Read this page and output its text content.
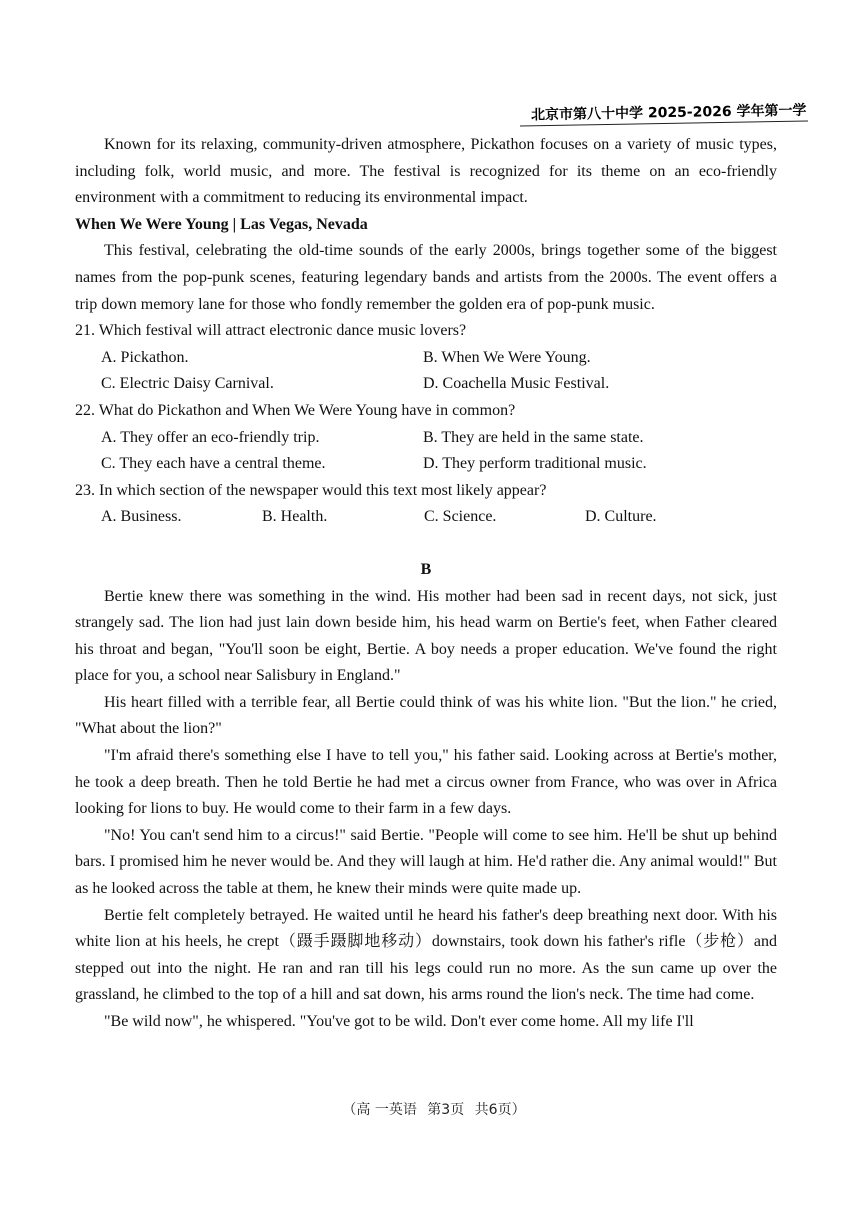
北京市第八十中学 2025-2026 学年第一学

Known for its relaxing, community-driven atmosphere, Pickathon focuses on a variety of music types, including folk, world music, and more. The festival is recognized for its theme on an eco-friendly environment with a commitment to reducing its environmental impact.

When We Were Young | Las Vegas, Nevada

This festival, celebrating the old-time sounds of the early 2000s, brings together some of the biggest names from the pop-punk scenes, featuring legendary bands and artists from the 2000s. The event offers a trip down memory lane for those who fondly remember the golden era of pop-punk music.

21. Which festival will attract electronic dance music lovers?

A. Pickathon.	B. When We Were Young.
C. Electric Daisy Carnival.	D. Coachella Music Festival.

22. What do Pickathon and When We Were Young have in common?

A. They offer an eco-friendly trip.	B. They are held in the same state.
C. They each have a central theme.	D. They perform traditional music.

23. In which section of the newspaper would this text most likely appear?

A. Business.	B. Health.	C. Science.	D. Culture.

B

Bertie knew there was something in the wind. His mother had been sad in recent days, not sick, just strangely sad. The lion had just lain down beside him, his head warm on Bertie's feet, when Father cleared his throat and began, "You'll soon be eight, Bertie. A boy needs a proper education. We've found the right place for you, a school near Salisbury in England."

His heart filled with a terrible fear, all Bertie could think of was his white lion. "But the lion." he cried, "What about the lion?"

"I'm afraid there's something else I have to tell you," his father said. Looking across at Bertie's mother, he took a deep breath. Then he told Bertie he had met a circus owner from France, who was over in Africa looking for lions to buy. He would come to their farm in a few days.

"No! You can't send him to a circus!" said Bertie. "People will come to see him. He'll be shut up behind bars. I promised him he never would be. And they will laugh at him. He'd rather die. Any animal would!" But as he looked across the table at them, he knew their minds were quite made up.

Bertie felt completely betrayed. He waited until he heard his father's deep breathing next door. With his white lion at his heels, he crept（蹑手蹑脚地移动）downstairs, took down his father's rifle（步枪）and stepped out into the night. He ran and ran till his legs could run no more. As the sun came up over the grassland, he climbed to the top of a hill and sat down, his arms round the lion's neck. The time had come.

"Be wild now", he whispered. "You've got to be wild. Don't ever come home. All my life I'll

（高 一英语 第3页 共6页）
